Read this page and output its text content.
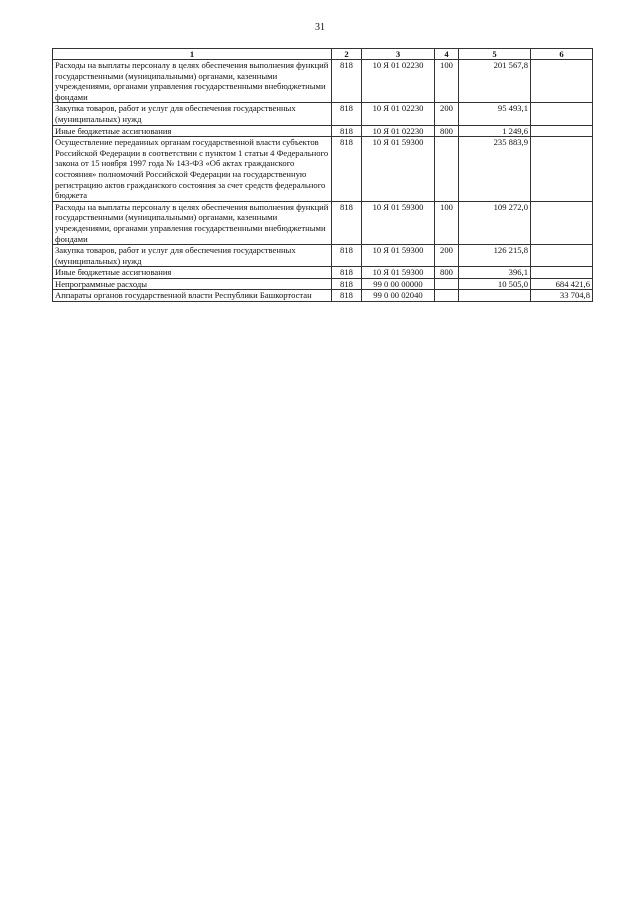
31
1	2	3	4	5	6
Расходы на выплаты персоналу в целях обеспечения выполнения функций государственными (муниципальными) органами, казенными учреждениями, органами управления государственными внебюджетными фондами	818	10 Я 01 02230	100	201 567,8	
Закупка товаров, работ и услуг для обеспечения государственных (муниципальных) нужд	818	10 Я 01 02230	200	95 493,1	
Иные бюджетные ассигнования	818	10 Я 01 02230	800	1 249,6	
Осуществление переданных органам государственной власти субъектов Российской Федерации в соответствии с пунктом 1 статьи 4 Федерального закона от 15 ноября 1997 года № 143-ФЗ «Об актах гражданского состояния» полномочий Российской Федерации на государственную регистрацию актов гражданского состояния за счет средств федерального бюджета	818	10 Я 01 59300		235 883,9	
Расходы на выплаты персоналу в целях обеспечения выполнения функций государственными (муниципальными) органами, казенными учреждениями, органами управления государственными внебюджетными фондами	818	10 Я 01 59300	100	109 272,0	
Закупка товаров, работ и услуг для обеспечения государственных (муниципальных) нужд	818	10 Я 01 59300	200	126 215,8	
Иные бюджетные ассигнования	818	10 Я 01 59300	800	396,1	
Непрограммные расходы	818	99 0 00 00000		10 505,0	684 421,6
Аппараты органов государственной власти Республики Башкортостан	818	99 0 00 02040			33 704,8
